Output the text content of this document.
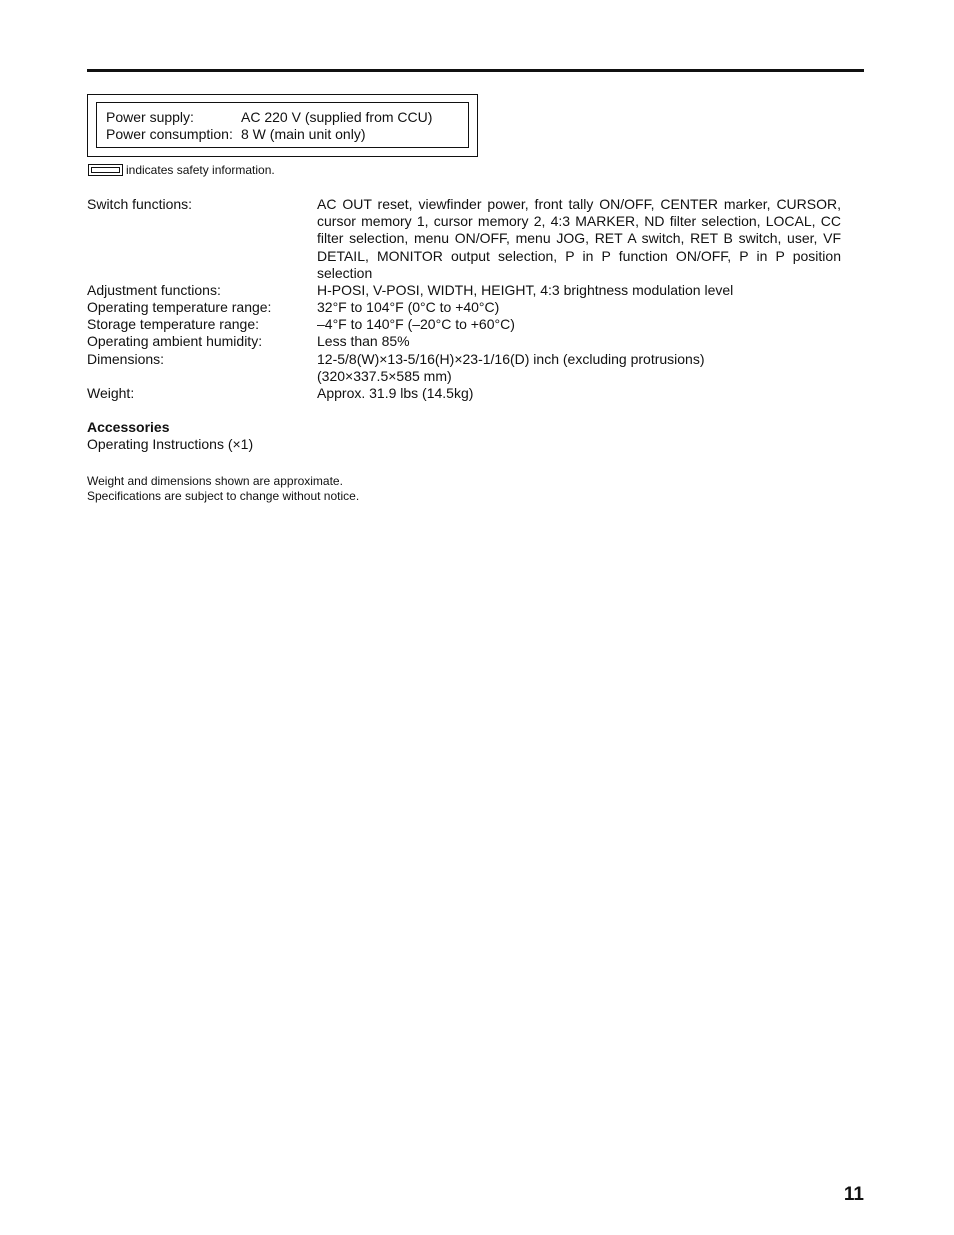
Power supply:	AC 220 V (supplied from CCU)
Power consumption: 8 W (main unit only)
indicates safety information.
Switch functions:	AC OUT reset, viewfinder power, front tally ON/OFF, CENTER marker, CURSOR, cursor memory 1, cursor memory 2, 4:3 MARKER, ND filter selection, LOCAL, CC filter selection, menu ON/OFF, menu JOG, RET A switch, RET B switch, user, VF DETAIL, MONITOR output selection, P in P function ON/OFF, P in P position selection
Adjustment functions:	H-POSI, V-POSI, WIDTH, HEIGHT, 4:3 brightness modulation level
Operating temperature range:	32°F to 104°F (0°C to +40°C)
Storage temperature range:	–4°F to 140°F (–20°C to +60°C)
Operating ambient humidity:	Less than 85%
Dimensions:	12-5/8(W)×13-5/16(H)×23-1/16(D) inch (excluding protrusions)
(320×337.5×585 mm)
Weight:	Approx. 31.9 lbs (14.5kg)
Accessories
Operating Instructions (×1)
Weight and dimensions shown are approximate.
Specifications are subject to change without notice.
11
